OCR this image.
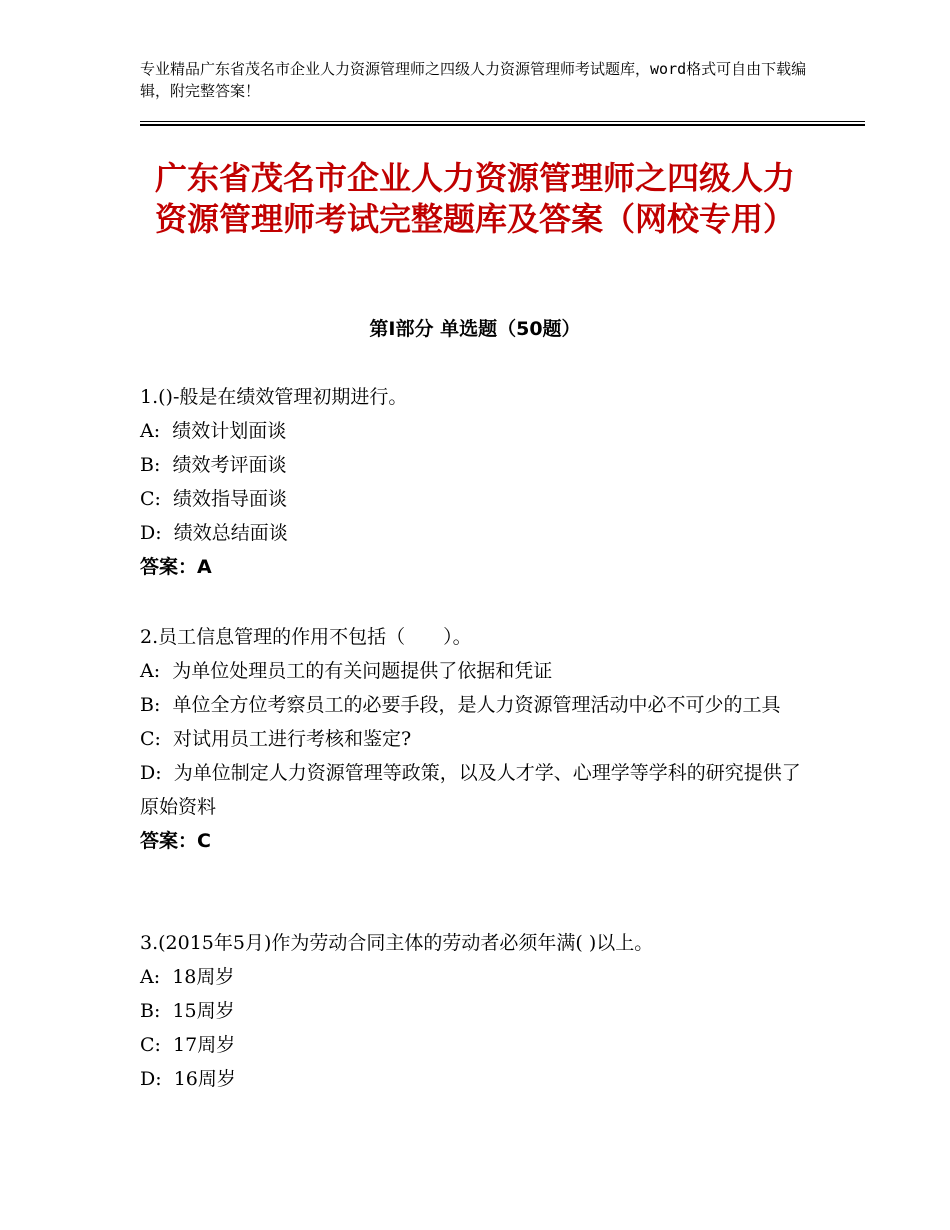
专业精品广东省茂名市企业人力资源管理师之四级人力资源管理师考试题库，word格式可自由下载编辑，附完整答案！
广东省茂名市企业人力资源管理师之四级人力资源管理师考试完整题库及答案（网校专用）
第Ⅰ部分 单选题（50题）
1.()-般是在绩效管理初期进行。
A:  绩效计划面谈
B:  绩效考评面谈
C:  绩效指导面谈
D:  绩效总结面谈
答案：A
2.员工信息管理的作用不包括（　　）。
A:  为单位处理员工的有关问题提供了依据和凭证
B:  单位全方位考察员工的必要手段，是人力资源管理活动中必不可少的工具
C:  对试用员工进行考核和鉴定?
D:  为单位制定人力资源管理等政策，以及人才学、心理学等学科的研究提供了原始资料
答案：C
3.(2015年5月)作为劳动合同主体的劳动者必须年满( )以上。
A:  18周岁
B:  15周岁
C:  17周岁
D:  16周岁
